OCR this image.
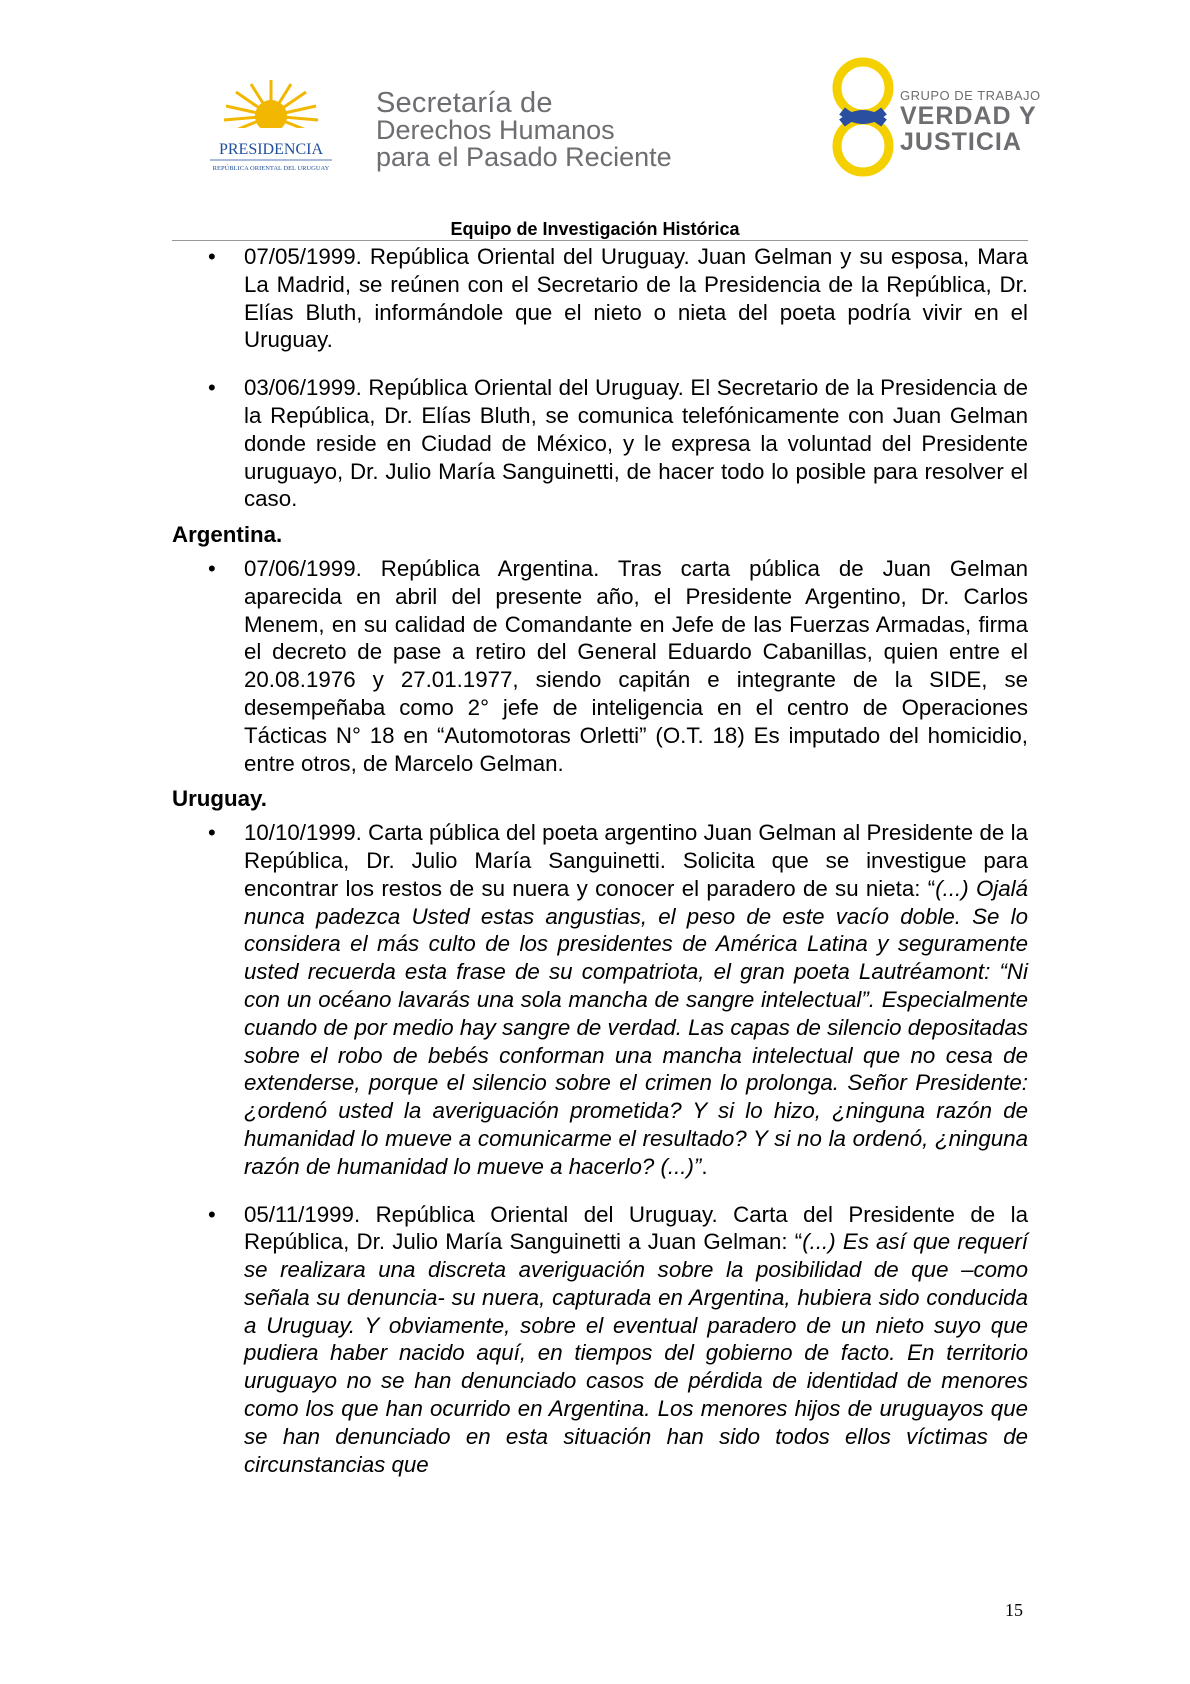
PRESIDENCIA
REPÚBLICA ORIENTAL DEL URUGUAY
Secretaría de
Derechos Humanos
para el Pasado Reciente
GRUPO DE TRABAJO
VERDAD Y
JUSTICIA
Equipo de Investigación Histórica
• 07/05/1999. República Oriental del Uruguay. Juan Gelman y su esposa, Mara La Madrid, se reúnen con el Secretario de la Presidencia de la República, Dr. Elías Bluth, informándole que el nieto o nieta del poeta podría vivir en el Uruguay.
• 03/06/1999. República Oriental del Uruguay. El Secretario de la Presidencia de la República, Dr. Elías Bluth, se comunica telefónicamente con Juan Gelman donde reside en Ciudad de México, y le expresa la voluntad del Presidente uruguayo, Dr. Julio María Sanguinetti, de hacer todo lo posible para resolver el caso.
Argentina.
• 07/06/1999. República Argentina. Tras carta pública de Juan Gelman aparecida en abril del presente año, el Presidente Argentino, Dr. Carlos Menem, en su calidad de Comandante en Jefe de las Fuerzas Armadas, firma el decreto de pase a retiro del General Eduardo Cabanillas, quien entre el 20.08.1976 y 27.01.1977, siendo capitán e integrante de la SIDE, se desempeñaba como 2° jefe de inteligencia en el centro de Operaciones Tácticas N° 18 en “Automotoras Orletti” (O.T. 18) Es imputado del homicidio, entre otros, de Marcelo Gelman.
Uruguay.
• 10/10/1999. Carta pública del poeta argentino Juan Gelman al Presidente de la República, Dr. Julio María Sanguinetti. Solicita que se investigue para encontrar los restos de su nuera y conocer el paradero de su nieta: “(...) Ojalá nunca padezca Usted estas angustias, el peso de este vacío doble. Se lo considera el más culto de los presidentes de América Latina y seguramente usted recuerda esta frase de su compatriota, el gran poeta Lautréamont: “Ni con un océano lavarás una sola mancha de sangre intelectual”. Especialmente cuando de por medio hay sangre de verdad. Las capas de silencio depositadas sobre el robo de bebés conforman una mancha intelectual que no cesa de extenderse, porque el silencio sobre el crimen lo prolonga. Señor Presidente: ¿ordenó usted la averiguación prometida? Y si lo hizo, ¿ninguna razón de humanidad lo mueve a comunicarme el resultado? Y si no la ordenó, ¿ninguna razón de humanidad lo mueve a hacerlo? (...)”.
• 05/11/1999. República Oriental del Uruguay. Carta del Presidente de la República, Dr. Julio María Sanguinetti a Juan Gelman: “(...) Es así que requerí se realizara una discreta averiguación sobre la posibilidad de que –como señala su denuncia- su nuera, capturada en Argentina, hubiera sido conducida a Uruguay. Y obviamente, sobre el eventual paradero de un nieto suyo que pudiera haber nacido aquí, en tiempos del gobierno de facto. En territorio uruguayo no se han denunciado casos de pérdida de identidad de menores como los que han ocurrido en Argentina. Los menores hijos de uruguayos que se han denunciado en esta situación han sido todos ellos víctimas de circunstancias que
15
